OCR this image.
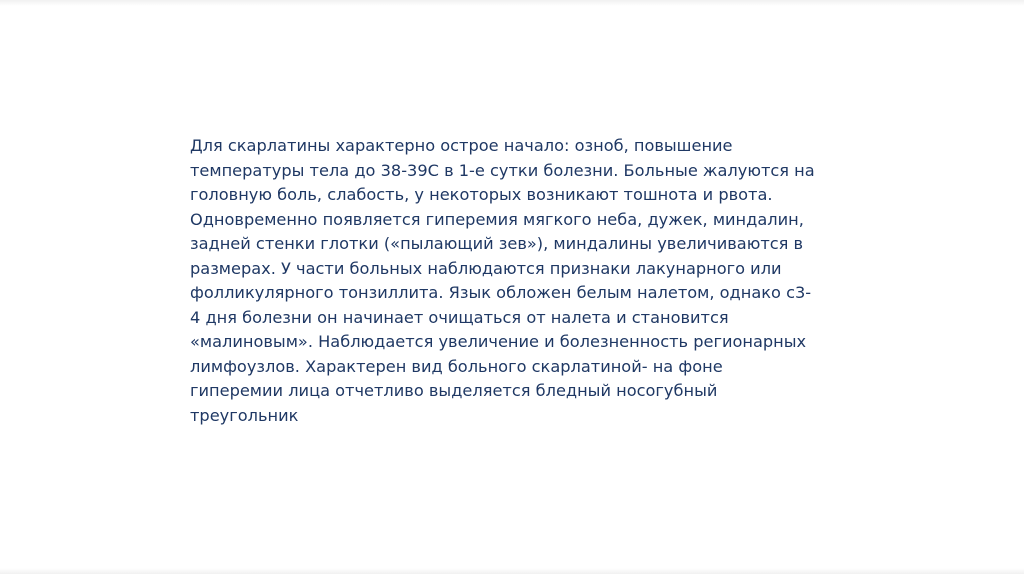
Для скарлатины характерно острое начало: озноб, повышение
температуры тела до 38-39С в 1-е сутки болезни. Больные жалуются на
головную боль, слабость, у некоторых возникают тошнота и рвота.
Одновременно появляется гиперемия мягкого неба, дужек, миндалин,
задней стенки глотки («пылающий зев»), миндалины увеличиваются в
размерах. У части больных наблюдаются признаки лакунарного или
фолликулярного тонзиллита. Язык обложен белым налетом, однако с3-
4 дня болезни он начинает очищаться от налета и становится
«малиновым». Наблюдается увеличение и болезненность регионарных
лимфоузлов. Характерен вид больного скарлатиной- на фоне
гиперемии лица отчетливо выделяется бледный носогубный
треугольник
